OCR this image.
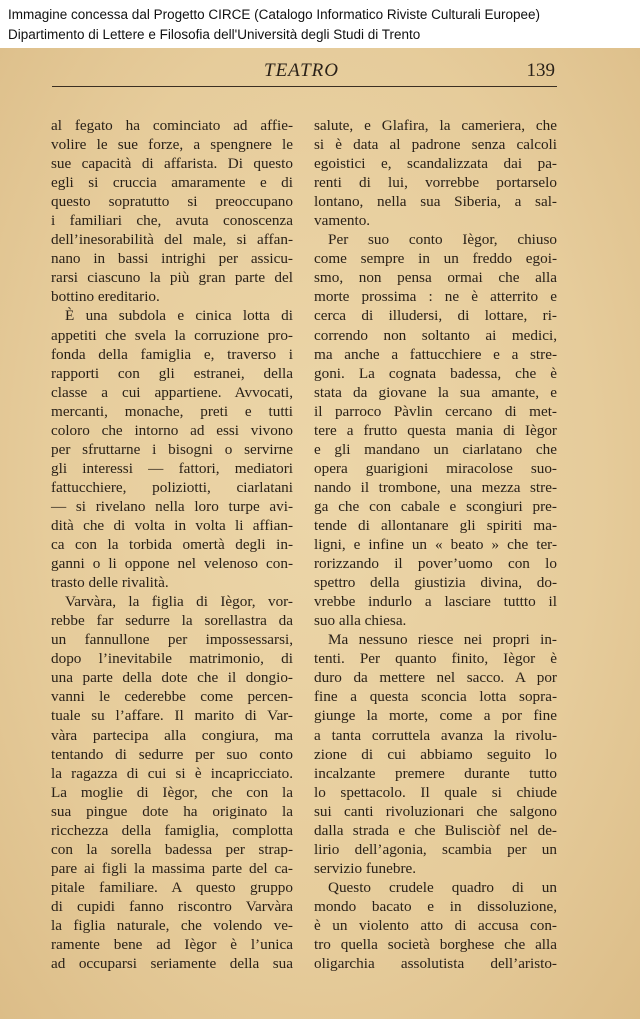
Immagine concessa dal Progetto CIRCE (Catalogo Informatico Riviste Culturali Europee)
Dipartimento di Lettere e Filosofia dell'Università degli Studi di Trento
TEATRO	139
al fegato ha cominciato ad affie-
volire le sue forze, a spengnere le
sue capacità di affarista. Di questo
egli si cruccia amaramente e di
questo sopratutto si preoccupano
i familiari che, avuta conoscenza
dell’inesorabilità del male, si affan-
nano in bassi intrighi per assicu-
rarsi ciascuno la più gran parte del
bottino ereditario.
È una subdola e cinica lotta di
appetiti che svela la corruzione pro-
fonda della famiglia e, traverso i
rapporti con gli estranei, della
classe a cui appartiene. Avvocati,
mercanti, monache, preti e tutti
coloro che intorno ad essi vivono
per sfruttarne i bisogni o servirne
gli interessi — fattori, mediatori
fattucchiere, poliziotti, ciarlatani
— si rivelano nella loro turpe avi-
dità che di volta in volta li affian-
ca con la torbida omertà degli in-
ganni o li oppone nel velenoso con-
trasto delle rivalità.
Varvàra, la figlia di Iègor, vor-
rebbe far sedurre la sorellastra da
un fannullone per impossessarsi,
dopo l’inevitabile matrimonio, di
una parte della dote che il dongio-
vanni le cederebbe come percen-
tuale su l’affare. Il marito di Var-
vàra partecipa alla congiura, ma
tentando di sedurre per suo conto
la ragazza di cui si è incapricciato.
La moglie di Iègor, che con la
sua pingue dote ha originato la
ricchezza della famiglia, complotta
con la sorella badessa per strap-
pare ai figli la massima parte del ca-
pitale familiare. A questo gruppo
di cupidi fanno riscontro Varvàra
la figlia naturale, che volendo ve-
ramente bene ad Iègor è l’unica
ad occuparsi seriamente della sua
salute, e Glafira, la cameriera, che
si è data al padrone senza calcoli
egoistici e, scandalizzata dai pa-
renti di lui, vorrebbe portarselo
lontano, nella sua Siberia, a sal-
vamento.
Per suo conto Iègor, chiuso
come sempre in un freddo egoi-
smo, non pensa ormai che alla
morte prossima : ne è atterrito e
cerca di illudersi, di lottare, ri-
correndo non soltanto ai medici,
ma anche a fattucchiere e a stre-
goni. La cognata badessa, che è
stata da giovane la sua amante, e
il parroco Pàvlin cercano di met-
tere a frutto questa mania di Iègor
e gli mandano un ciarlatano che
opera guarigioni miracolose suo-
nando il trombone, una mezza stre-
ga che con cabale e scongiuri pre-
tende di allontanare gli spiriti ma-
ligni, e infine un « beato » che ter-
rorizzando il pover’uomo con lo
spettro della giustizia divina, do-
vrebbe indurlo a lasciare tuttto il
suo alla chiesa.
Ma nessuno riesce nei propri in-
tenti. Per quanto finito, Iègor è
duro da mettere nel sacco. A por
fine a questa sconcia lotta sopra-
giunge la morte, come a por fine
a tanta corruttela avanza la rivolu-
zione di cui abbiamo seguito lo
incalzante premere durante tutto
lo spettacolo. Il quale si chiude
sui canti rivoluzionari che salgono
dalla strada e che Bulisciòf nel de-
lirio dell’agonia, scambia per un
servizio funebre.
Questo crudele quadro di un
mondo bacato e in dissoluzione,
è un violento atto di accusa con-
tro quella società borghese che alla
oligarchia assolutista dell’aristo-
